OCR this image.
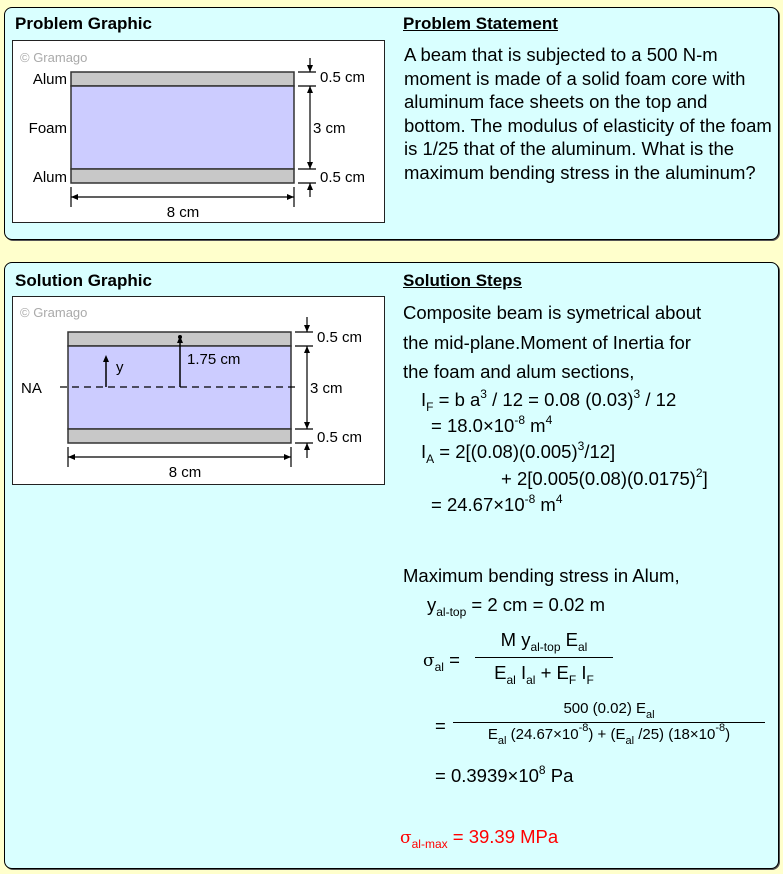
Problem Graphic
© Gramago
Alum
Foam
Alum
0.5 cm
3 cm
0.5 cm
8 cm
Problem Statement
A beam that is subjected to a 500 N-m moment is made of a solid foam core with aluminum face sheets on the top and bottom. The modulus of elasticity of the foam is 1/25 that of the aluminum. What is the maximum bending stress in the aluminum?
Solution Graphic
© Gramago
NA
y	1.75 cm
0.5 cm
3 cm
0.5 cm
8 cm
Solution Steps
Composite beam is symetrical about
the mid-plane.Moment of Inertia for
the foam and alum sections,
$I_F = b$ $a^3 / 12 = 0.08$ $(0.03)^3 / 12$
= $18.0\times 10^{-8}$ $m^4$
$I_A = 2[(0.08)(0.005)^3/12]$
+ $2[0.005(0.08)(0.0175)^2]$
= $24.67\times 10^{-8}$ $m^4$
Maximum bending stress in Alum,
$y_{al-top} = 2$ cm = 0.02 m
$\sigma_{al}$ =
M $y_{al-top}$ $E_{al}$
$E_{al}$ $I_{al} + E_F$ $I_F$
=
500 (0.02) $E_{al}$
$E_{al}$ $(24.67\times 10^{-8}) + (E_{al}$ /25) $(18\times 10^{-8})$
= $0.3939\times 10^8$ Pa
$\sigma_{al-max} = 39.39$ MPa
